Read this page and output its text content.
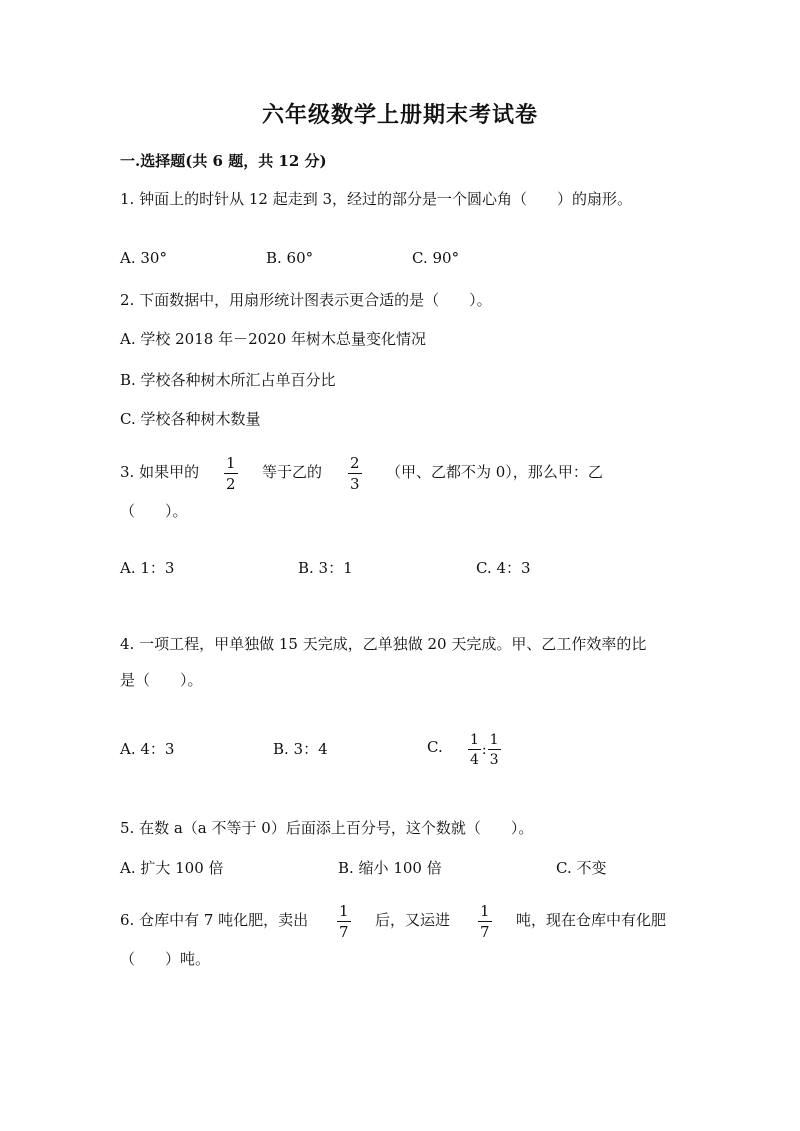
六年级数学上册期末考试卷
一.选择题(共 6 题，共 12 分)
1. 钟面上的时针从 12 起走到 3，经过的部分是一个圆心角（　　）的扇形。
A. 30°	B. 60°	C. 90°
2. 下面数据中，用扇形统计图表示更合适的是（　　）。
A. 学校 2018 年－2020 年树木总量变化情况
B. 学校各种树木所汇占单百分比
C. 学校各种树木数量
3. 如果甲的 $\frac{1}{2}$ 等于乙的 $\frac{2}{3}$ （甲、乙都不为 0），那么甲：乙
（　　）。
A. 1：3	B. 3：1	C. 4：3
4. 一项工程，甲单独做 15 天完成，乙单独做 20 天完成。甲、乙工作效率的比
是（　　）。
A. 4：3	B. 3：4	C. $\frac{1}{4}$ : $\frac{1}{3}$
5. 在数 a（a 不等于 0）后面添上百分号，这个数就（　　）。
A. 扩大 100 倍	B. 缩小 100 倍	C. 不变
6. 仓库中有 7 吨化肥，卖出 $\frac{1}{7}$ 后，又运进 $\frac{1}{7}$ 吨，现在仓库中有化肥
（　　）吨。
